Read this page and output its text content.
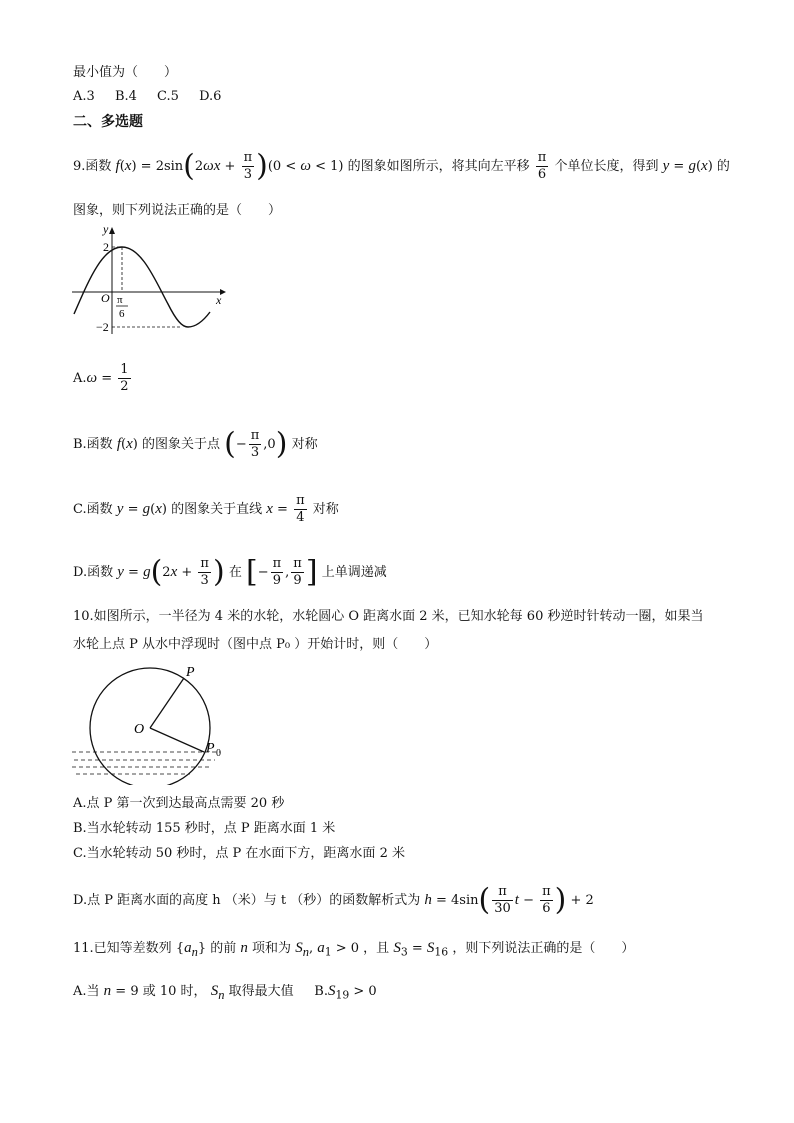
最小值为（　　）
A.3 B.4 C.5 D.6
二、多选题
9.函数 $f(x) = 2\sin(2\omega x + \frac{\pi}{3} )(0 < \omega < 1)$ 的图象如图所示，将其向左平移 $\frac{\pi}{6}$ 个单位长度，得到 y = g(x) 的
图象，则下列说法正确的是（　　）
y
x
O
2
−2
π
6
$A.\omega = \frac{1}{2}$
B.函数 f(x) 的图象关于点 (− $\frac{\pi}{3} ,0$) 对称
C.函数 y = g(x) 的图象关于直线 $x = \frac{\pi}{4}$ 对称
D.函数 $y = g(2x + \frac{\pi}{3}$ ) 在 [− $\frac{\pi}{9}$ , $\frac{\pi}{9}$ ] 上单调递减
10.如图所示，一半径为 4 米的水轮，水轮圆心 O 距离水面 2 米，已知水轮每 60 秒逆时针转动一圈，如果当
水轮上点 P 从水中浮现时（图中点 P₀ ）开始计时，则（　　）
O
P
P 0
A.点 P 第一次到达最高点需要 20 秒
B.当水轮转动 155 秒时，点 P 距离水面 1 米
C.当水轮转动 50 秒时，点 P 在水面下方，距离水面 2 米
D.点 P 距离水面的高度 h （米）与 t （秒）的函数解析式为 $h = 4\sin( \frac{\pi}{30}$ $t - \frac{\pi}{6}$ ) + 2
11.已知等差数列 $\{a_n\}$ 的前 n 项和为 $S_n$, $a_1 > 0$ ，且 $S_3 = S_{16}$ ，则下列说法正确的是（　　）
A.当 n = 9 或 10 时， $S_n$ 取得最大值 $B.S_{19} > 0$
